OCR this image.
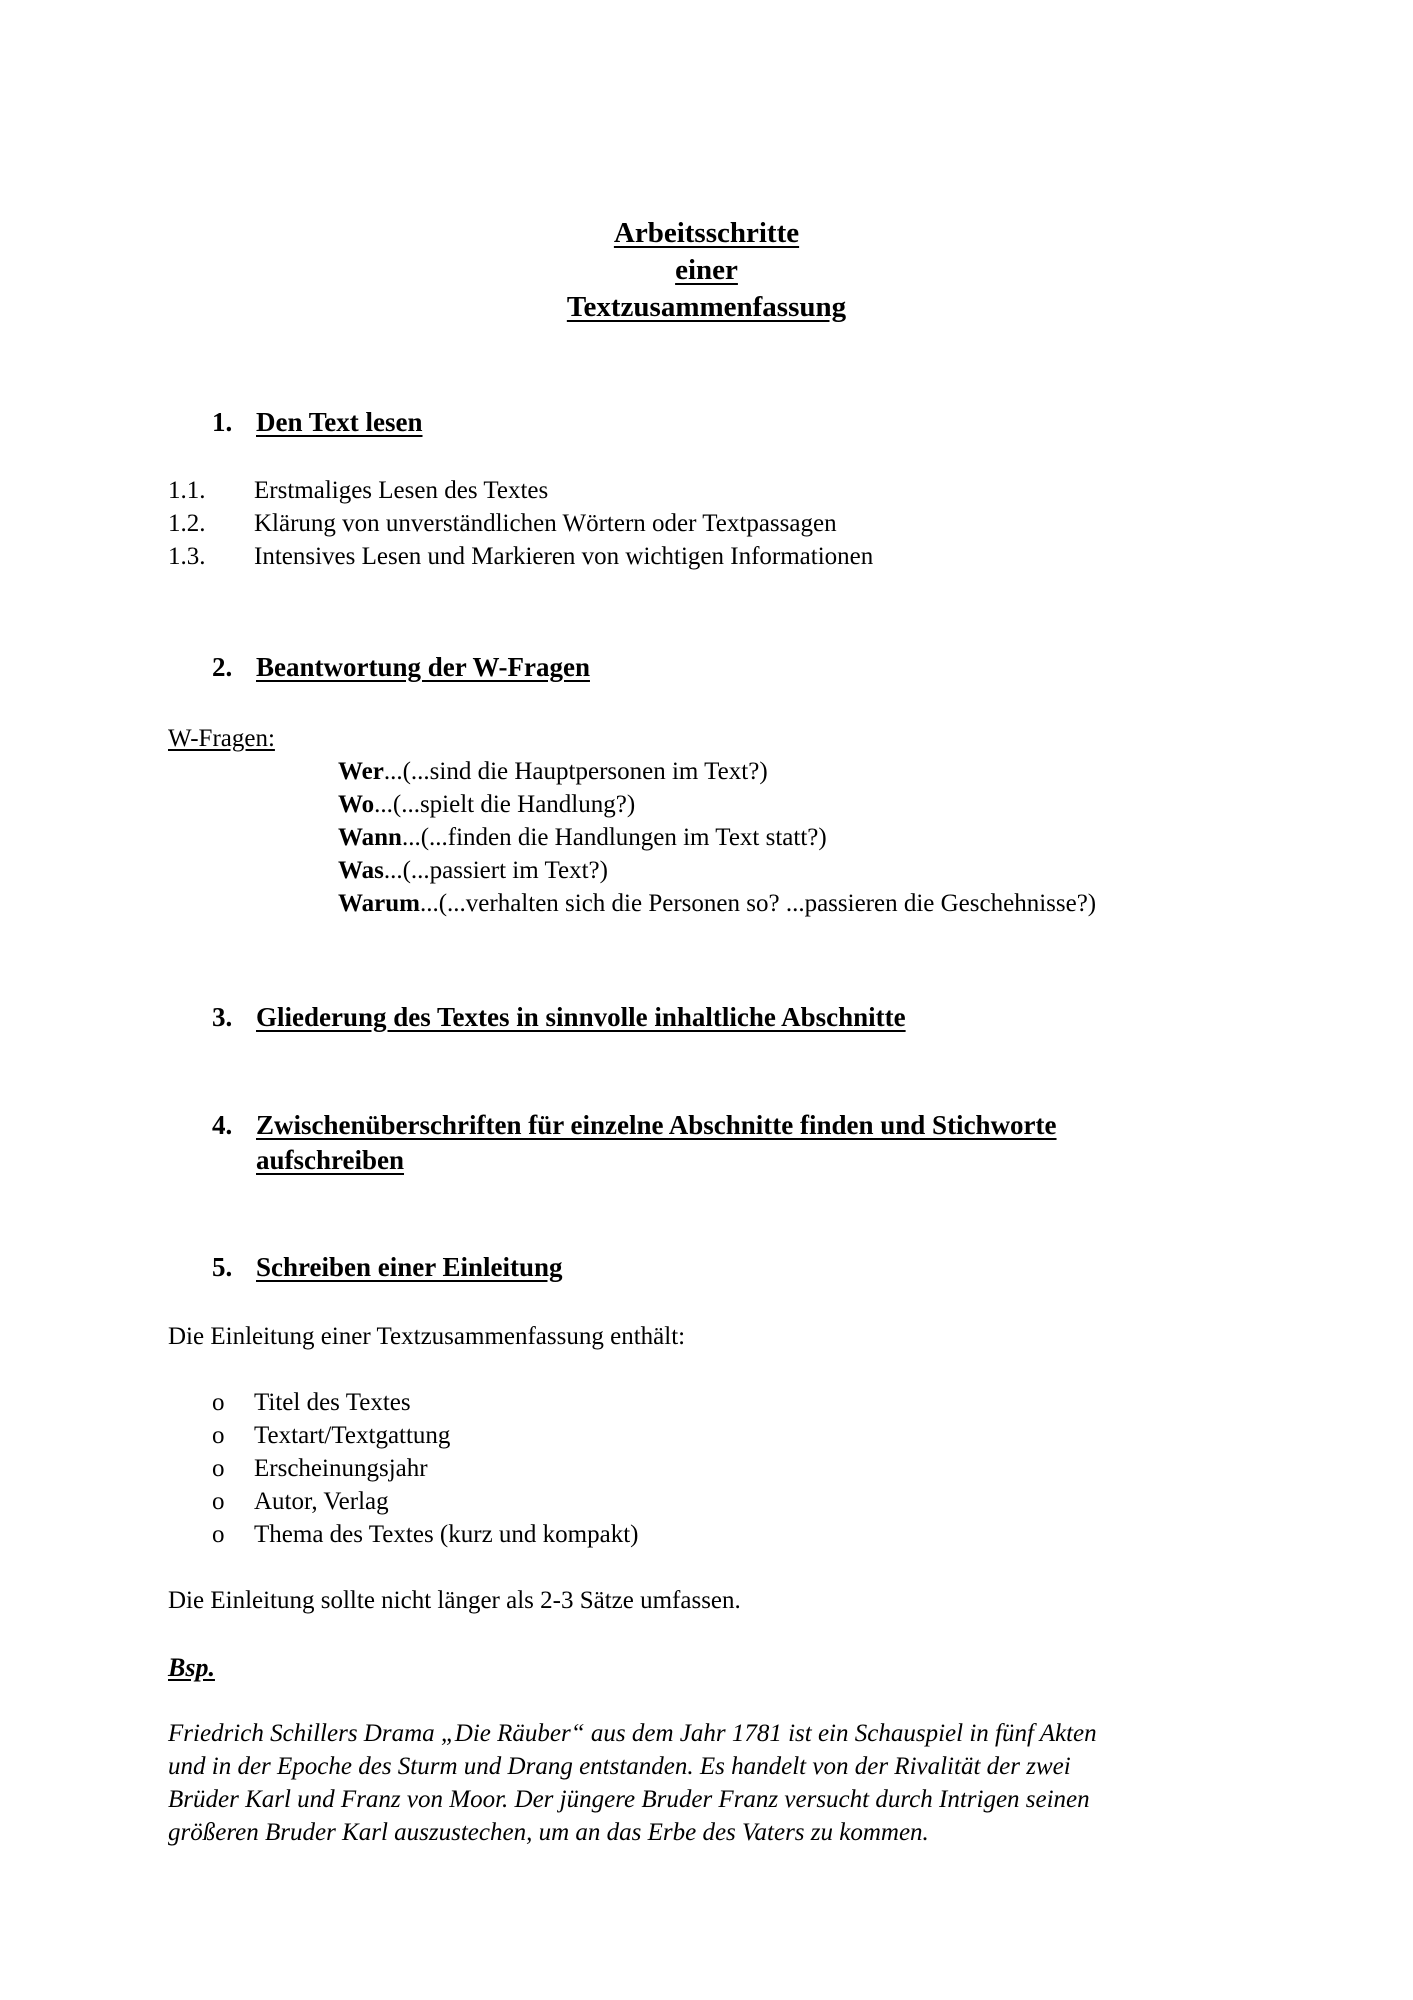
Arbeitsschritte
einer
Textzusammenfassung
1. Den Text lesen
1.1. Erstmaliges Lesen des Textes
1.2. Klärung von unverständlichen Wörtern oder Textpassagen
1.3. Intensives Lesen und Markieren von wichtigen Informationen
2. Beantwortung der W-Fragen
W-Fragen:
Wer...(...sind die Hauptpersonen im Text?)
Wo...(...spielt die Handlung?)
Wann...(...finden die Handlungen im Text statt?)
Was...(...passiert im Text?)
Warum...(...verhalten sich die Personen so? ...passieren die Geschehnisse?)
3. Gliederung des Textes in sinnvolle inhaltliche Abschnitte
4. Zwischenüberschriften für einzelne Abschnitte finden und Stichworte
aufschreiben
5. Schreiben einer Einleitung
Die Einleitung einer Textzusammenfassung enthält:
o Titel des Textes
o Textart/Textgattung
o Erscheinungsjahr
o Autor, Verlag
o Thema des Textes (kurz und kompakt)
Die Einleitung sollte nicht länger als 2-3 Sätze umfassen.
Bsp.
Friedrich Schillers Drama „Die Räuber“ aus dem Jahr 1781 ist ein Schauspiel in fünf Akten
und in der Epoche des Sturm und Drang entstanden. Es handelt von der Rivalität der zwei
Brüder Karl und Franz von Moor. Der jüngere Bruder Franz versucht durch Intrigen seinen
größeren Bruder Karl auszustechen, um an das Erbe des Vaters zu kommen.
